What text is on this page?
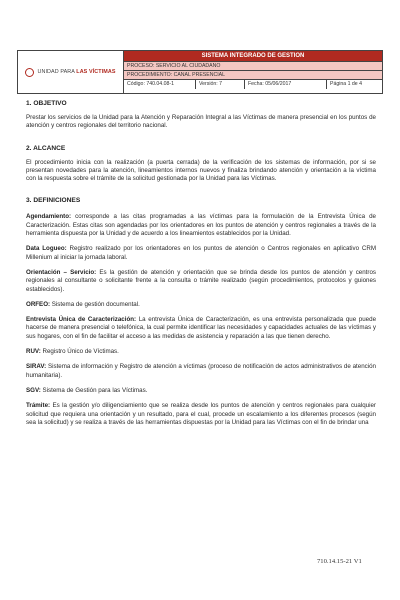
UNIDAD PARA LAS VÍCTIMAS
SISTEMA INTEGRADO DE GESTION
PROCESO: SERVICIO AL CIUDADANO
PROCEDIMIENTO: CANAL PRESENCIAL
Código: 740.04.08-1	Versión: 7	Fecha: 05/06/2017	Página 1 de 4
1. OBJETIVO

Prestar los servicios de la Unidad para la Atención y Reparación Integral a las Víctimas de manera presencial en los puntos de atención y centros regionales del territorio nacional.

2. ALCANCE

El procedimiento inicia con la realización (a puerta cerrada) de la verificación de los sistemas de información, por si se presentan novedades para la atención, lineamientos internos nuevos y finaliza brindando atención y orientación a la víctima con la respuesta sobre el trámite de la solicitud gestionada por la Unidad para las Víctimas.

3. DEFINICIONES

Agendamiento: corresponde a las citas programadas a las víctimas para la formulación de la Entrevista Única de Caracterización. Estas citas son agendadas por los orientadores en los puntos de atención y centros regionales a través de la herramienta dispuesta por la Unidad y de acuerdo a los lineamientos establecidos por la Unidad.

Data Logueo: Registro realizado por los orientadores en los puntos de atención o Centros regionales en aplicativo CRM Millenium al iniciar la jornada laboral.

Orientación – Servicio: Es la gestión de atención y orientación que se brinda desde los puntos de atención y centros regionales al consultante o solicitante frente a la consulta o trámite realizado (según procedimientos, protocolos y guiones establecidos).

ORFEO: Sistema de gestión documental.

Entrevista Única de Caracterización: La entrevista Única de Caracterización, es una entrevista personalizada que puede hacerse de manera presencial o telefónica, la cual permite identificar las necesidades y capacidades actuales de las víctimas y sus hogares, con el fin de facilitar el acceso a las medidas de asistencia y reparación a las que tienen derecho.

RUV: Registro Único de Víctimas.

SIRAV: Sistema de información y Registro de atención a víctimas (proceso de notificación de actos administrativos de atención humanitaria).

SGV: Sistema de Gestión para las Víctimas.

Trámite: Es la gestión y/o diligenciamiento que se realiza desde los puntos de atención y centros regionales para cualquier solicitud que requiera una orientación y un resultado, para el cual, procede un escalamiento a los diferentes procesos (según sea la solicitud) y se realiza a través de las herramientas dispuestas por la Unidad para las Víctimas con el fin de brindar una

710.14.15-21 V1
